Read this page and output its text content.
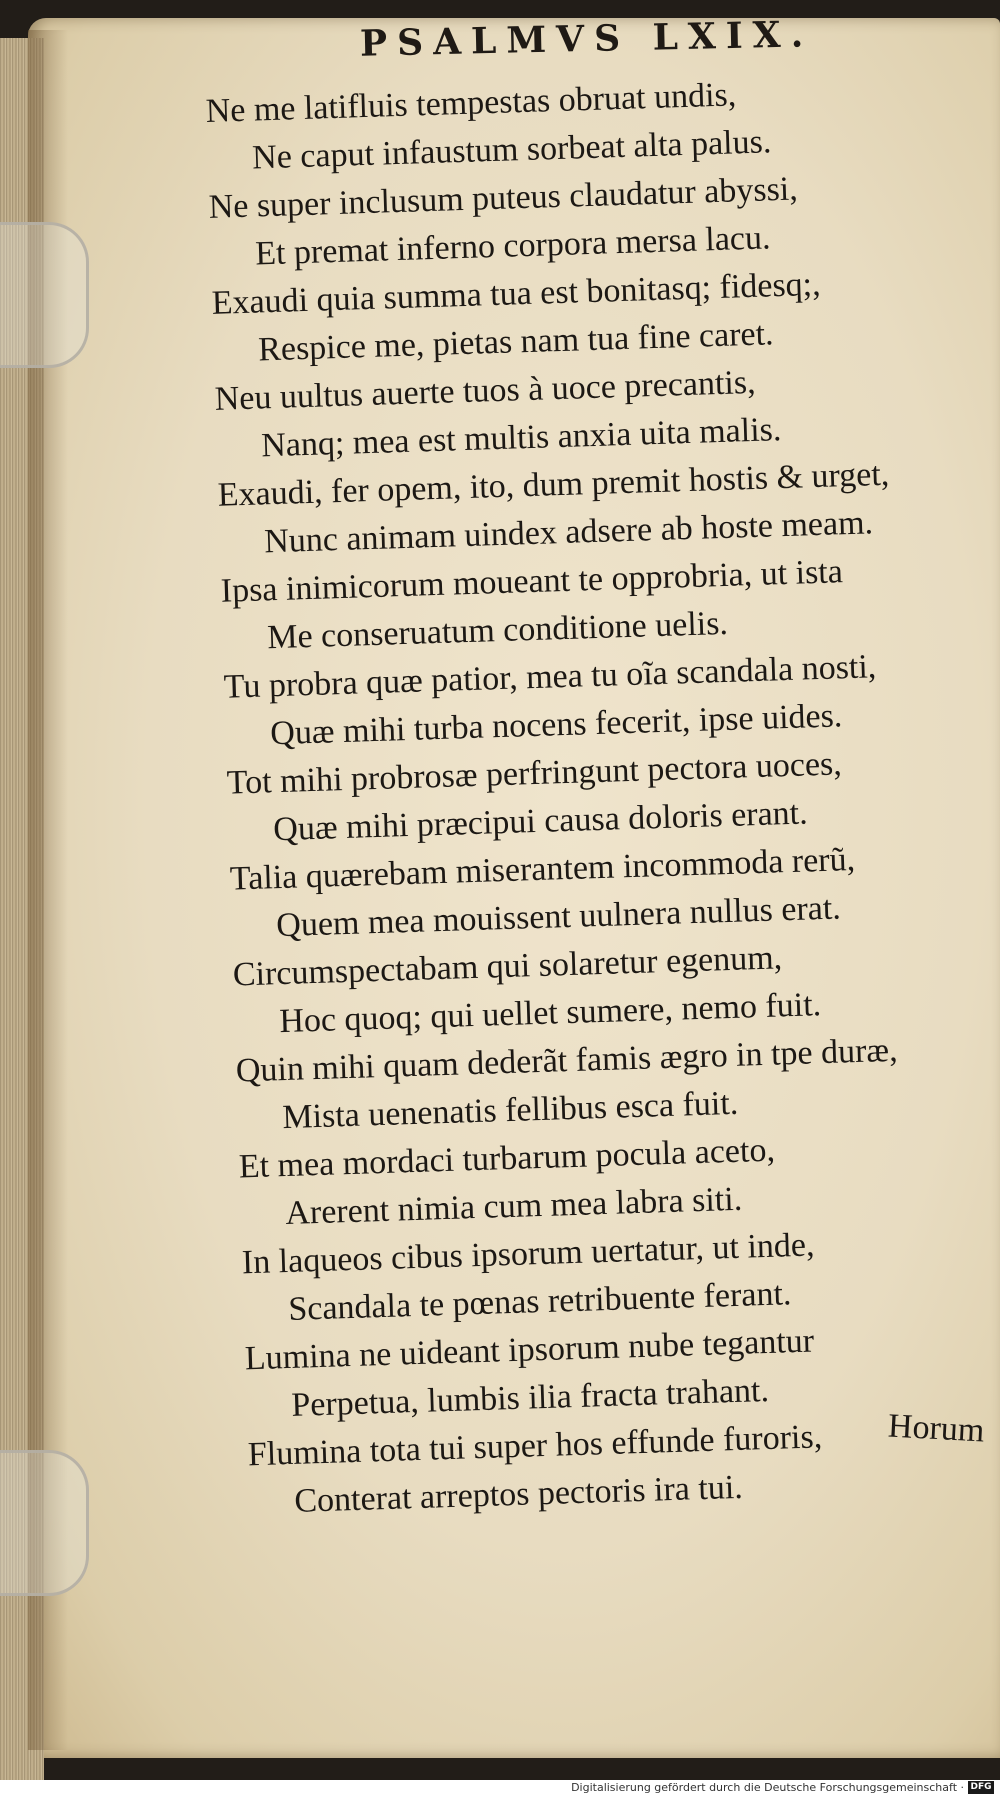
PSALMVS LXIX.
Ne me latifluis tempestas obruat undis,
Ne caput infaustum sorbeat alta palus.
Ne super inclusum puteus claudatur abyssi,
Et premat inferno corpora mersa lacu.
Exaudi quia summa tua est bonitasq; fidesq;,
Respice me, pietas nam tua fine caret.
Neu uultus auerte tuos à uoce precantis,
Nanq; mea est multis anxia uita malis.
Exaudi, fer opem, ito, dum premit hostis & urget,
Nunc animam uindex adsere ab hoste meam.
Ipsa inimicorum moueant te opprobria, ut ista
Me conseruatum conditione uelis.
Tu probra quæ patior, mea tu oĩa scandala nosti,
Quæ mihi turba nocens fecerit, ipse uides.
Tot mihi probrosæ perfringunt pectora uoces,
Quæ mihi præcipui causa doloris erant.
Talia quærebam miserantem incommoda rerũ,
Quem mea mouissent uulnera nullus erat.
Circumspectabam qui solaretur egenum,
Hoc quoq; qui uellet sumere, nemo fuit.
Quin mihi quam dederãt famis ægro in tpe duræ,
Mista uenenatis fellibus esca fuit.
Et mea mordaci turbarum pocula aceto,
Arerent nimia cum mea labra siti.
In laqueos cibus ipsorum uertatur, ut inde,
Scandala te pœnas retribuente ferant.
Lumina ne uideant ipsorum nube tegantur
Perpetua, lumbis ilia fracta trahant.
Flumina tota tui super hos effunde furoris,
Conterat arreptos pectoris ira tui.
Horum
Digitalisierung gefördert durch die Deutsche Forschungsgemeinschaft · DFG
